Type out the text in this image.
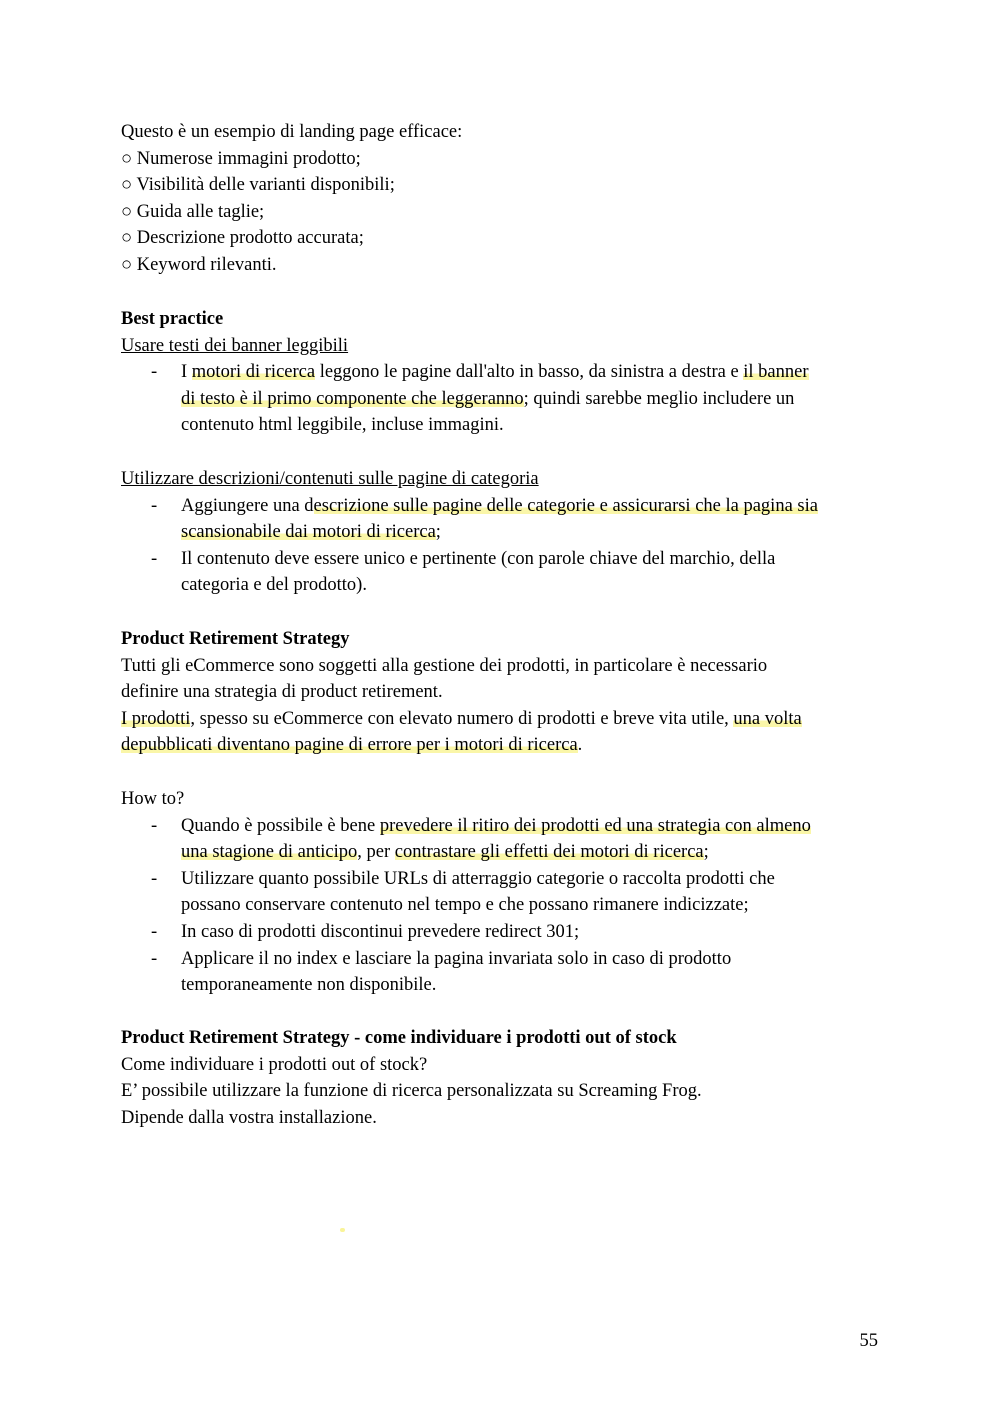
Questo è un esempio di landing page efficace:
○ Numerose immagini prodotto;
○ Visibilità delle varianti disponibili;
○ Guida alle taglie;
○ Descrizione prodotto accurata;
○ Keyword rilevanti.
Best practice
Usare testi dei banner leggibili
- I motori di ricerca leggono le pagine dall'alto in basso, da sinistra a destra e il banner
di testo è il primo componente che leggeranno; quindi sarebbe meglio includere un
contenuto html leggibile, incluse immagini.
Utilizzare descrizioni/contenuti sulle pagine di categoria
- Aggiungere una descrizione sulle pagine delle categorie e assicurarsi che la pagina sia
scansionabile dai motori di ricerca;
- Il contenuto deve essere unico e pertinente (con parole chiave del marchio, della
categoria e del prodotto).
Product Retirement Strategy
Tutti gli eCommerce sono soggetti alla gestione dei prodotti, in particolare è necessario
definire una strategia di product retirement.
I prodotti, spesso su eCommerce con elevato numero di prodotti e breve vita utile, una volta
depubblicati diventano pagine di errore per i motori di ricerca.
How to?
- Quando è possibile è bene prevedere il ritiro dei prodotti ed una strategia con almeno
una stagione di anticipo, per contrastare gli effetti dei motori di ricerca;
- Utilizzare quanto possibile URLs di atterraggio categorie o raccolta prodotti che
possano conservare contenuto nel tempo e che possano rimanere indicizzate;
- In caso di prodotti discontinui prevedere redirect 301;
- Applicare il no index e lasciare la pagina invariata solo in caso di prodotto
temporaneamente non disponibile.
Product Retirement Strategy - come individuare i prodotti out of stock
Come individuare i prodotti out of stock?
E’ possibile utilizzare la funzione di ricerca personalizzata su Screaming Frog.
Dipende dalla vostra installazione.
55
